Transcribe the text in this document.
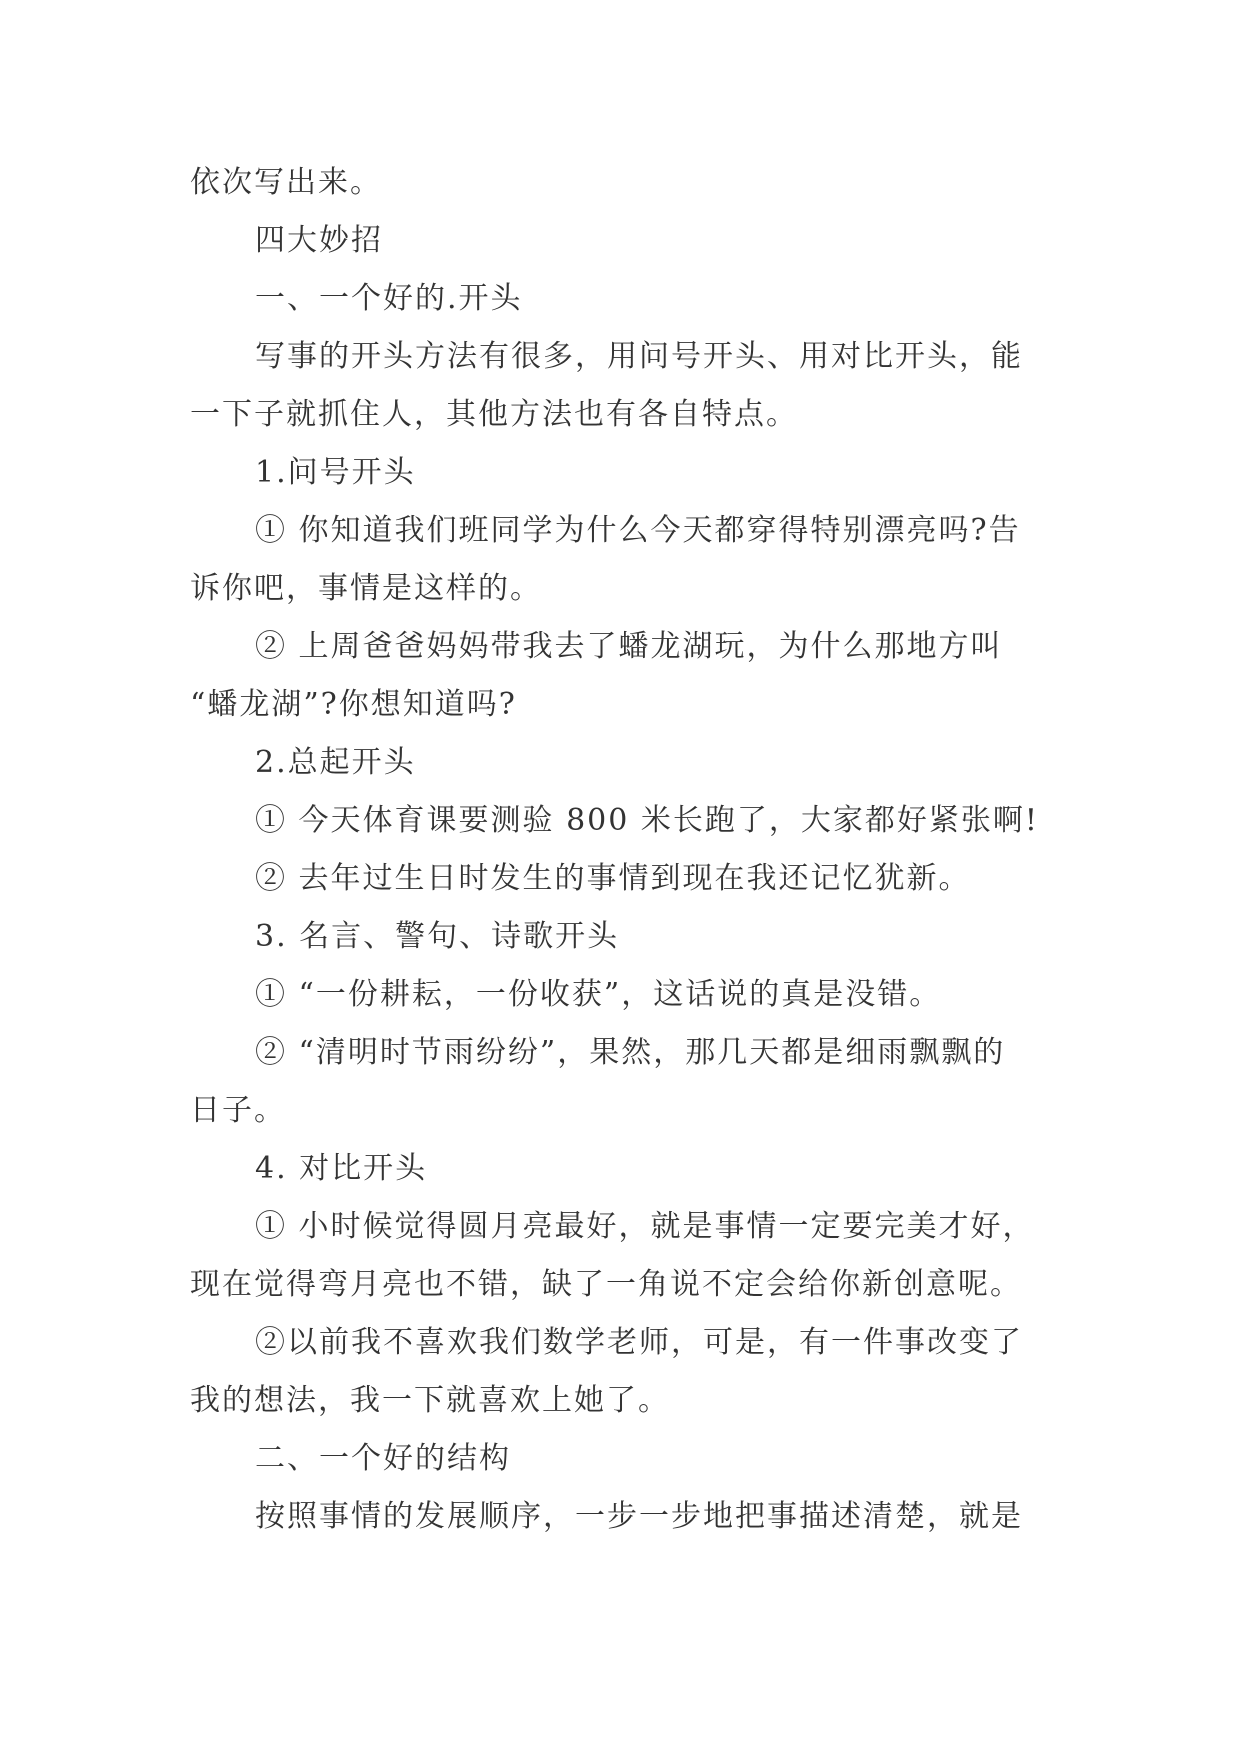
依次写出来。

四大妙招

一、一个好的.开头

写事的开头方法有很多，用问号开头、用对比开头，能

一下子就抓住人，其他方法也有各自特点。

1.问号开头

① 你知道我们班同学为什么今天都穿得特别漂亮吗?告

诉你吧，事情是这样的。

② 上周爸爸妈妈带我去了蟠龙湖玩，为什么那地方叫

“蟠龙湖”?你想知道吗?

2.总起开头

① 今天体育课要测验 800 米长跑了，大家都好紧张啊!

② 去年过生日时发生的事情到现在我还记忆犹新。

3. 名言、警句、诗歌开头

① “一份耕耘，一份收获”，这话说的真是没错。

② “清明时节雨纷纷”，果然，那几天都是细雨飘飘的

日子。

4. 对比开头

① 小时候觉得圆月亮最好，就是事情一定要完美才好，

现在觉得弯月亮也不错，缺了一角说不定会给你新创意呢。

②以前我不喜欢我们数学老师，可是，有一件事改变了

我的想法，我一下就喜欢上她了。

二、一个好的结构

按照事情的发展顺序，一步一步地把事描述清楚，就是
